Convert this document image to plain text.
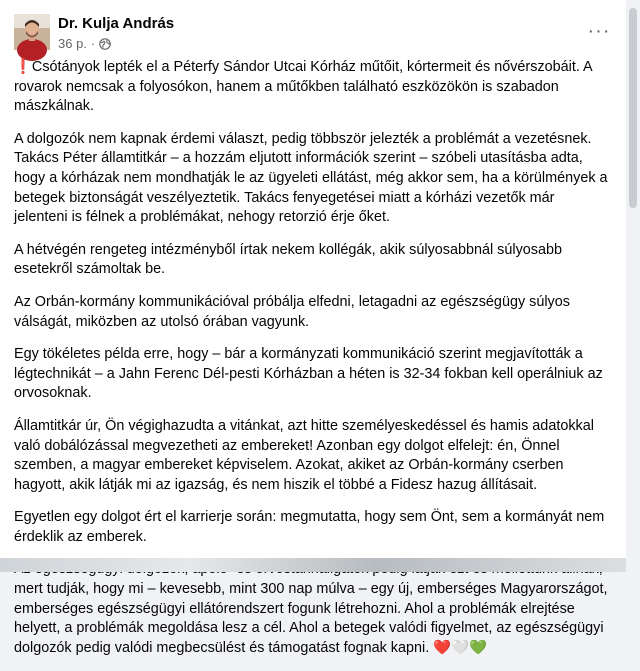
Dr. Kulja András
36 p. ·
···

❗Csótányok lepték el a Péterfy Sándor Utcai Kórház műtőit, kórtermeit és nővérszobáit. A rovarok nemcsak a folyosókon, hanem a műtőkben található eszközökön is szabadon mászkálnak.

A dolgozók nem kapnak érdemi választ, pedig többször jelezték a problémát a vezetésnek. Takács Péter államtitkár – a hozzám eljutott információk szerint – szóbeli utasításba adta, hogy a kórházak nem mondhatják le az ügyeleti ellátást, még akkor sem, ha a körülmények a betegek biztonságát veszélyeztetik. Takács fenyegetései miatt a kórházi vezetők már jelenteni is félnek a problémákat, nehogy retorzió érje őket.

A hétvégén rengeteg intézményből írtak nekem kollégák, akik súlyosabbnál súlyosabb esetekről számoltak be.

Az Orbán-kormány kommunikációval próbálja elfedni, letagadni az egészségügy súlyos válságát, miközben az utolsó órában vagyunk.

Egy tökéletes példa erre, hogy – bár a kormányzati kommunikáció szerint megjavították a légtechnikát – a Jahn Ferenc Dél-pesti Kórházban a héten is 32-34 fokban kell operálniuk az orvosoknak.

Államtitkár úr, Ön végighazudta a vitánkat, azt hitte személyeskedéssel és hamis adatokkal való dobálózással megvezetheti az embereket! Azonban egy dolgot elfelejt: én, Önnel szemben, a magyar embereket képviselem. Azokat, akiket az Orbán-kormány cserben hagyott, akik látják mi az igazság, és nem hiszik el többé a Fidesz hazug állításait.

Egyetlen egy dolgot ért el karrierje során: megmutatta, hogy sem Önt, sem a kormányát nem érdeklik az emberek.

mert tudják, hogy mi – kevesebb, mint 300 nap múlva – egy új, emberséges Magyarországot, emberséges egészségügyi ellátórendszert fogunk létrehozni. Ahol a problémák elrejtése helyett, a problémák megoldása lesz a cél. Ahol a betegek valódi figyelmet, az egészségügyi dolgozók pedig valódi megbecsülést és támogatást fognak kapni. ❤️🤍💚
